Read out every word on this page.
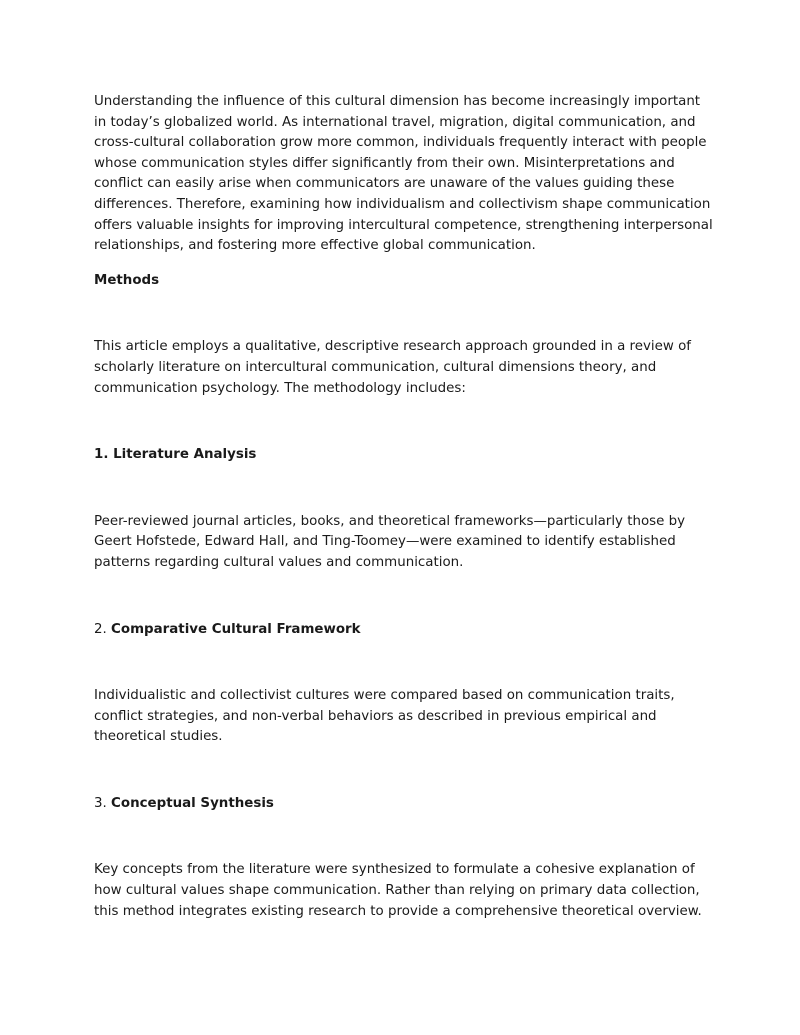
Understanding the influence of this cultural dimension has become increasingly important in today’s globalized world. As international travel, migration, digital communication, and cross-cultural collaboration grow more common, individuals frequently interact with people whose communication styles differ significantly from their own. Misinterpretations and conflict can easily arise when communicators are unaware of the values guiding these differences. Therefore, examining how individualism and collectivism shape communication offers valuable insights for improving intercultural competence, strengthening interpersonal relationships, and fostering more effective global communication.

Methods

This article employs a qualitative, descriptive research approach grounded in a review of scholarly literature on intercultural communication, cultural dimensions theory, and communication psychology. The methodology includes:

1. Literature Analysis

Peer-reviewed journal articles, books, and theoretical frameworks—particularly those by Geert Hofstede, Edward Hall, and Ting-Toomey—were examined to identify established patterns regarding cultural values and communication.

2. Comparative Cultural Framework

Individualistic and collectivist cultures were compared based on communication traits, conflict strategies, and non-verbal behaviors as described in previous empirical and theoretical studies.

3. Conceptual Synthesis

Key concepts from the literature were synthesized to formulate a cohesive explanation of how cultural values shape communication. Rather than relying on primary data collection, this method integrates existing research to provide a comprehensive theoretical overview.
